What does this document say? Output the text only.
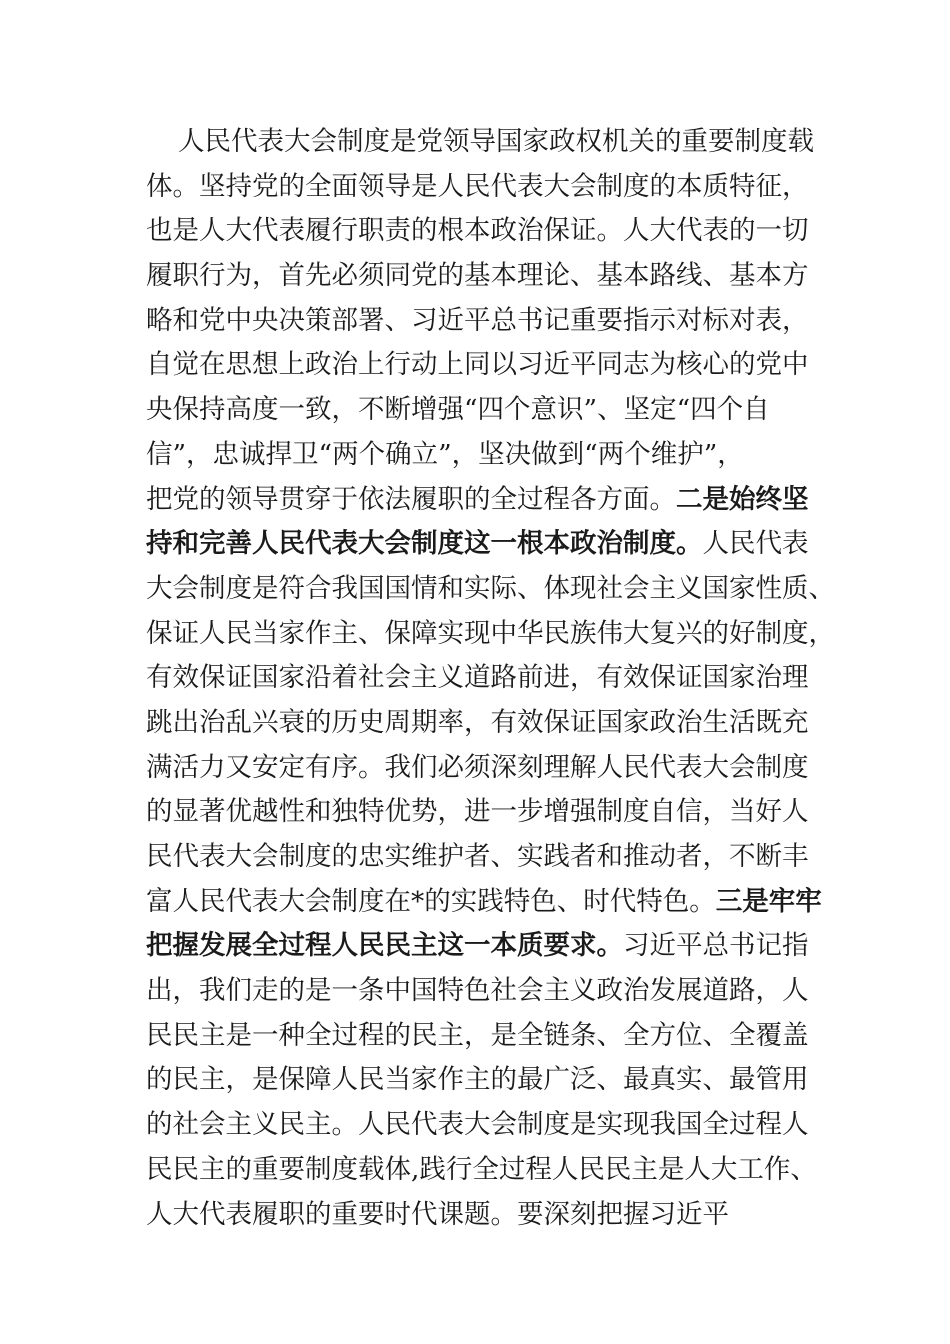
人民代表大会制度是党领导国家政权机关的重要制度载
体。坚持党的全面领导是人民代表大会制度的本质特征，
也是人大代表履行职责的根本政治保证。人大代表的一切
履职行为，首先必须同党的基本理论、基本路线、基本方
略和党中央决策部署、习近平总书记重要指示对标对表，
自觉在思想上政治上行动上同以习近平同志为核心的党中
央保持高度一致，不断增强“四个意识”、坚定“四个自
信”，忠诚捍卫“两个确立”，坚决做到“两个维护”，
把党的领导贯穿于依法履职的全过程各方面。二是始终坚
持和完善人民代表大会制度这一根本政治制度。人民代表
大会制度是符合我国国情和实际、体现社会主义国家性质、
保证人民当家作主、保障实现中华民族伟大复兴的好制度，
有效保证国家沿着社会主义道路前进，有效保证国家治理
跳出治乱兴衰的历史周期率，有效保证国家政治生活既充
满活力又安定有序。我们必须深刻理解人民代表大会制度
的显著优越性和独特优势，进一步增强制度自信，当好人
民代表大会制度的忠实维护者、实践者和推动者，不断丰
富人民代表大会制度在*的实践特色、时代特色。三是牢牢
把握发展全过程人民民主这一本质要求。习近平总书记指
出，我们走的是一条中国特色社会主义政治发展道路，人
民民主是一种全过程的民主，是全链条、全方位、全覆盖
的民主，是保障人民当家作主的最广泛、最真实、最管用
的社会主义民主。人民代表大会制度是实现我国全过程人
民民主的重要制度载体,践行全过程人民民主是人大工作、
人大代表履职的重要时代课题。要深刻把握习近平
